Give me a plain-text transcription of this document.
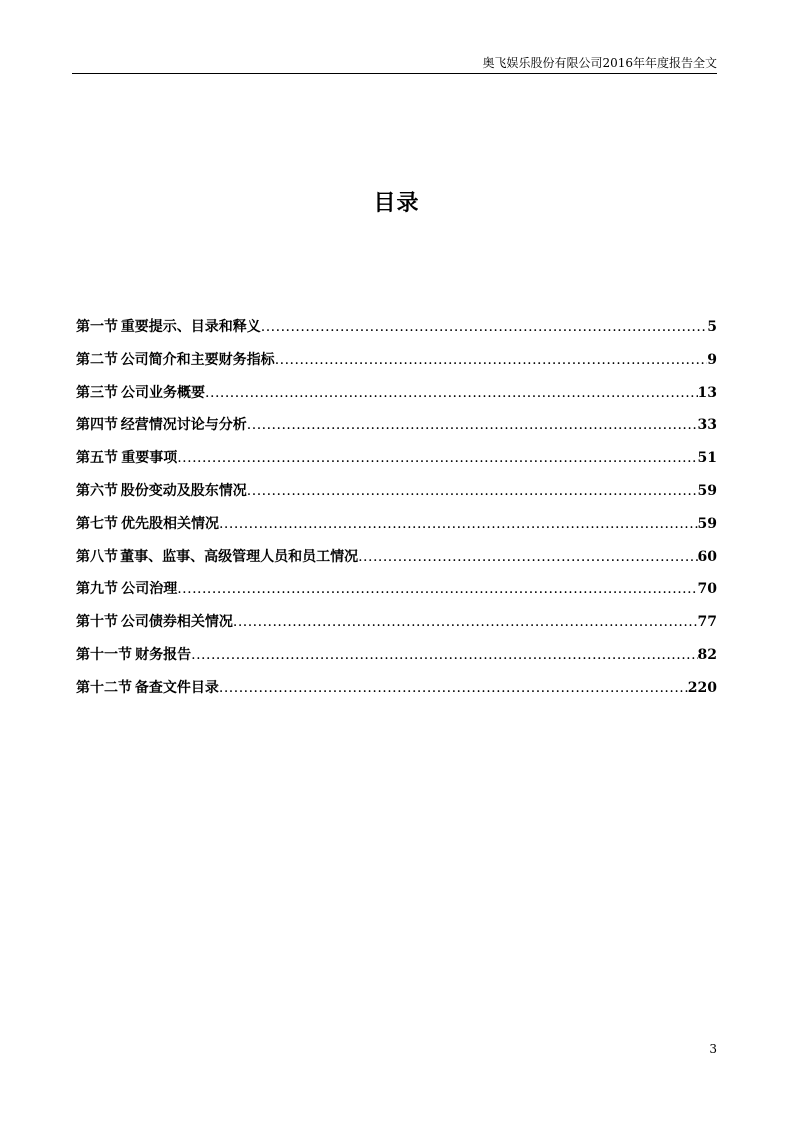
奥飞娱乐股份有限公司2016年年度报告全文
目录
第一节 重要提示、目录和释义 .....	5
第二节 公司简介和主要财务指标 .....	9
第三节 公司业务概要 .....	13
第四节 经营情况讨论与分析 .....	33
第五节 重要事项 .....	51
第六节 股份变动及股东情况 .....	59
第七节 优先股相关情况 .....	59
第八节 董事、监事、高级管理人员和员工情况 .....	60
第九节 公司治理 .....	70
第十节 公司债券相关情况 .....	77
第十一节 财务报告 .....	82
第十二节 备查文件目录 .....	220
3
